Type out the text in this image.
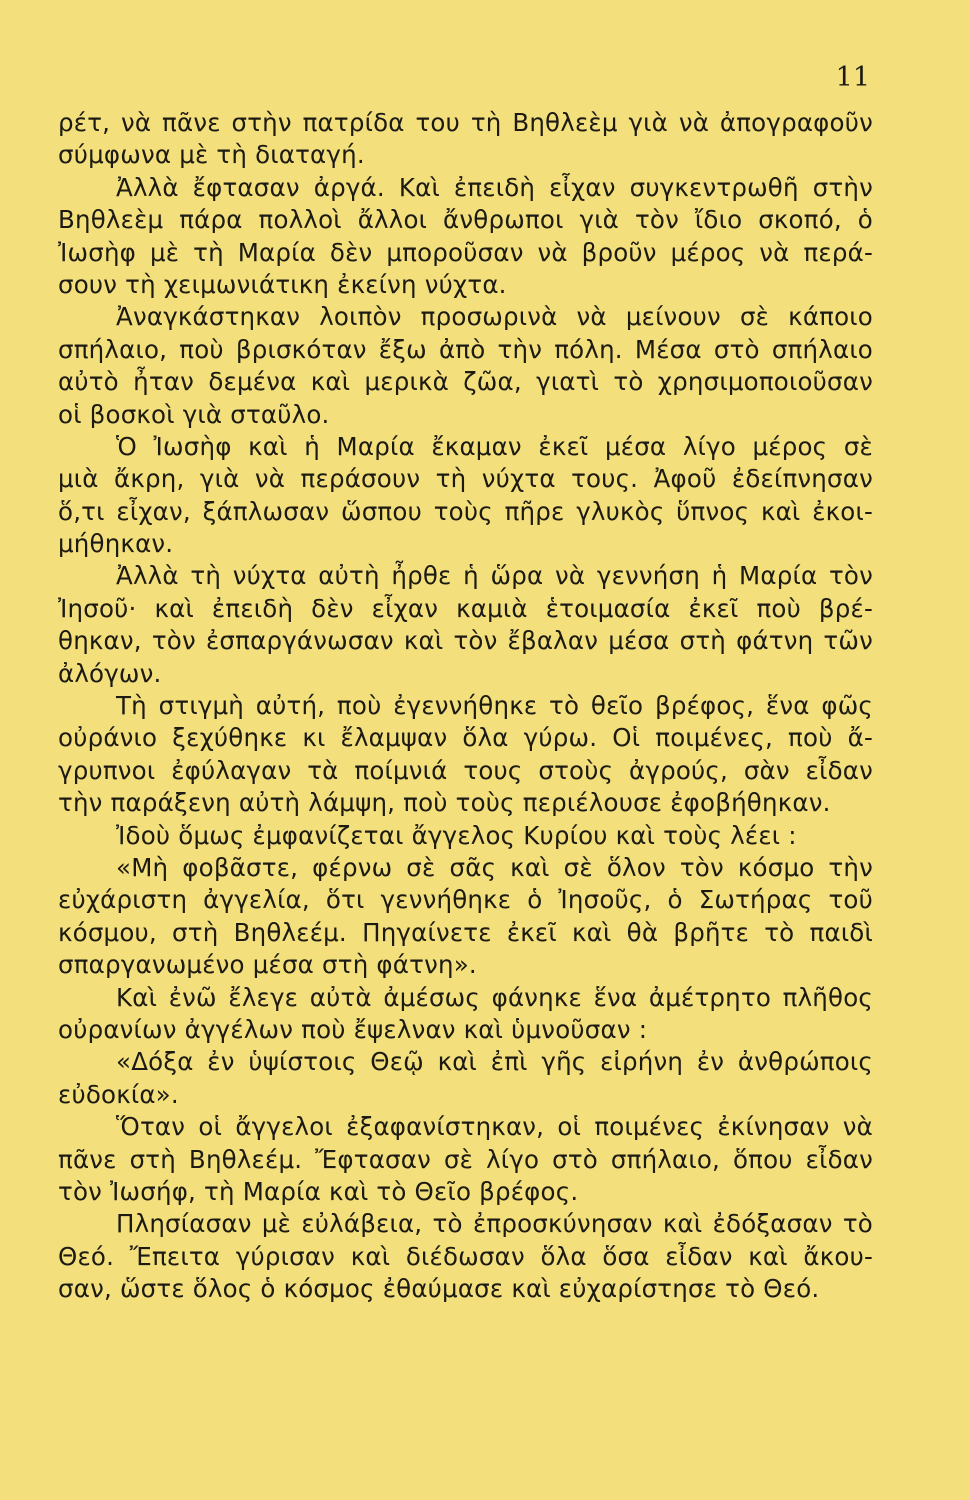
11
ρέτ, νὰ πᾶνε στὴν πατρίδα του τὴ Βηθλεὲμ γιὰ νὰ ἀπογραφοῦν
σύμφωνα μὲ τὴ διαταγή.
Ἀλλὰ ἔφτασαν ἀργά. Καὶ ἐπειδὴ εἶχαν συγκεντρωθῆ στὴν
Βηθλεὲμ πάρα πολλοὶ ἄλλοι ἄνθρωποι γιὰ τὸν ἴδιο σκοπό, ὁ
Ἰωσὴφ μὲ τὴ Μαρία δὲν μποροῦσαν νὰ βροῦν μέρος νὰ περά-
σουν τὴ χειμωνιάτικη ἐκείνη νύχτα.
Ἀναγκάστηκαν λοιπὸν προσωρινὰ νὰ μείνουν σὲ κάποιο
σπήλαιο, ποὺ βρισκόταν ἔξω ἀπὸ τὴν πόλη. Μέσα στὸ σπήλαιο
αὐτὸ ἦταν δεμένα καὶ μερικὰ ζῶα, γιατὶ τὸ χρησιμοποιοῦσαν
οἱ βοσκοὶ γιὰ σταῦλο.
Ὁ Ἰωσὴφ καὶ ἡ Μαρία ἔκαμαν ἐκεῖ μέσα λίγο μέρος σὲ
μιὰ ἄκρη, γιὰ νὰ περάσουν τὴ νύχτα τους. Ἀφοῦ ἐδείπνησαν
ὅ,τι εἶχαν, ξάπλωσαν ὥσπου τοὺς πῆρε γλυκὸς ὕπνος καὶ ἐκοι-
μήθηκαν.
Ἀλλὰ τὴ νύχτα αὐτὴ ἦρθε ἡ ὥρα νὰ γεννήση ἡ Μαρία τὸν
Ἰησοῦ· καὶ ἐπειδὴ δὲν εἶχαν καμιὰ ἑτοιμασία ἐκεῖ ποὺ βρέ-
θηκαν, τὸν ἐσπαργάνωσαν καὶ τὸν ἔβαλαν μέσα στὴ φάτνη τῶν
ἀλόγων.
Τὴ στιγμὴ αὐτή, ποὺ ἐγεννήθηκε τὸ θεῖο βρέφος, ἕνα φῶς
οὐράνιο ξεχύθηκε κι ἔλαμψαν ὅλα γύρω. Οἱ ποιμένες, ποὺ ἄ-
γρυπνοι ἐφύλαγαν τὰ ποίμνιά τους στοὺς ἀγρούς, σὰν εἶδαν
τὴν παράξενη αὐτὴ λάμψη, ποὺ τοὺς περιέλουσε ἐφοβήθηκαν.
Ἰδοὺ ὅμως ἐμφανίζεται ἄγγελος Κυρίου καὶ τοὺς λέει :
«Μὴ φοβᾶστε, φέρνω σὲ σᾶς καὶ σὲ ὅλον τὸν κόσμο τὴν
εὐχάριστη ἀγγελία, ὅτι γεννήθηκε ὁ Ἰησοῦς, ὁ Σωτήρας τοῦ
κόσμου, στὴ Βηθλεέμ. Πηγαίνετε ἐκεῖ καὶ θὰ βρῆτε τὸ παιδὶ
σπαργανωμένο μέσα στὴ φάτνη».
Καὶ ἐνῶ ἔλεγε αὐτὰ ἀμέσως φάνηκε ἕνα ἀμέτρητο πλῆθος
οὐρανίων ἀγγέλων ποὺ ἔψελναν καὶ ὑμνοῦσαν :
«Δόξα ἐν ὑψίστοις Θεῷ καὶ ἐπὶ γῆς εἰρήνη ἐν ἀνθρώποις
εὐδοκία».
Ὅταν οἱ ἄγγελοι ἐξαφανίστηκαν, οἱ ποιμένες ἐκίνησαν νὰ
πᾶνε στὴ Βηθλεέμ. Ἔφτασαν σὲ λίγο στὸ σπήλαιο, ὅπου εἶδαν
τὸν Ἰωσήφ, τὴ Μαρία καὶ τὸ Θεῖο βρέφος.
Πλησίασαν μὲ εὐλάβεια, τὸ ἐπροσκύνησαν καὶ ἐδόξασαν τὸ
Θεό. Ἔπειτα γύρισαν καὶ διέδωσαν ὅλα ὅσα εἶδαν καὶ ἄκου-
σαν, ὥστε ὅλος ὁ κόσμος ἐθαύμασε καὶ εὐχαρίστησε τὸ Θεό.
